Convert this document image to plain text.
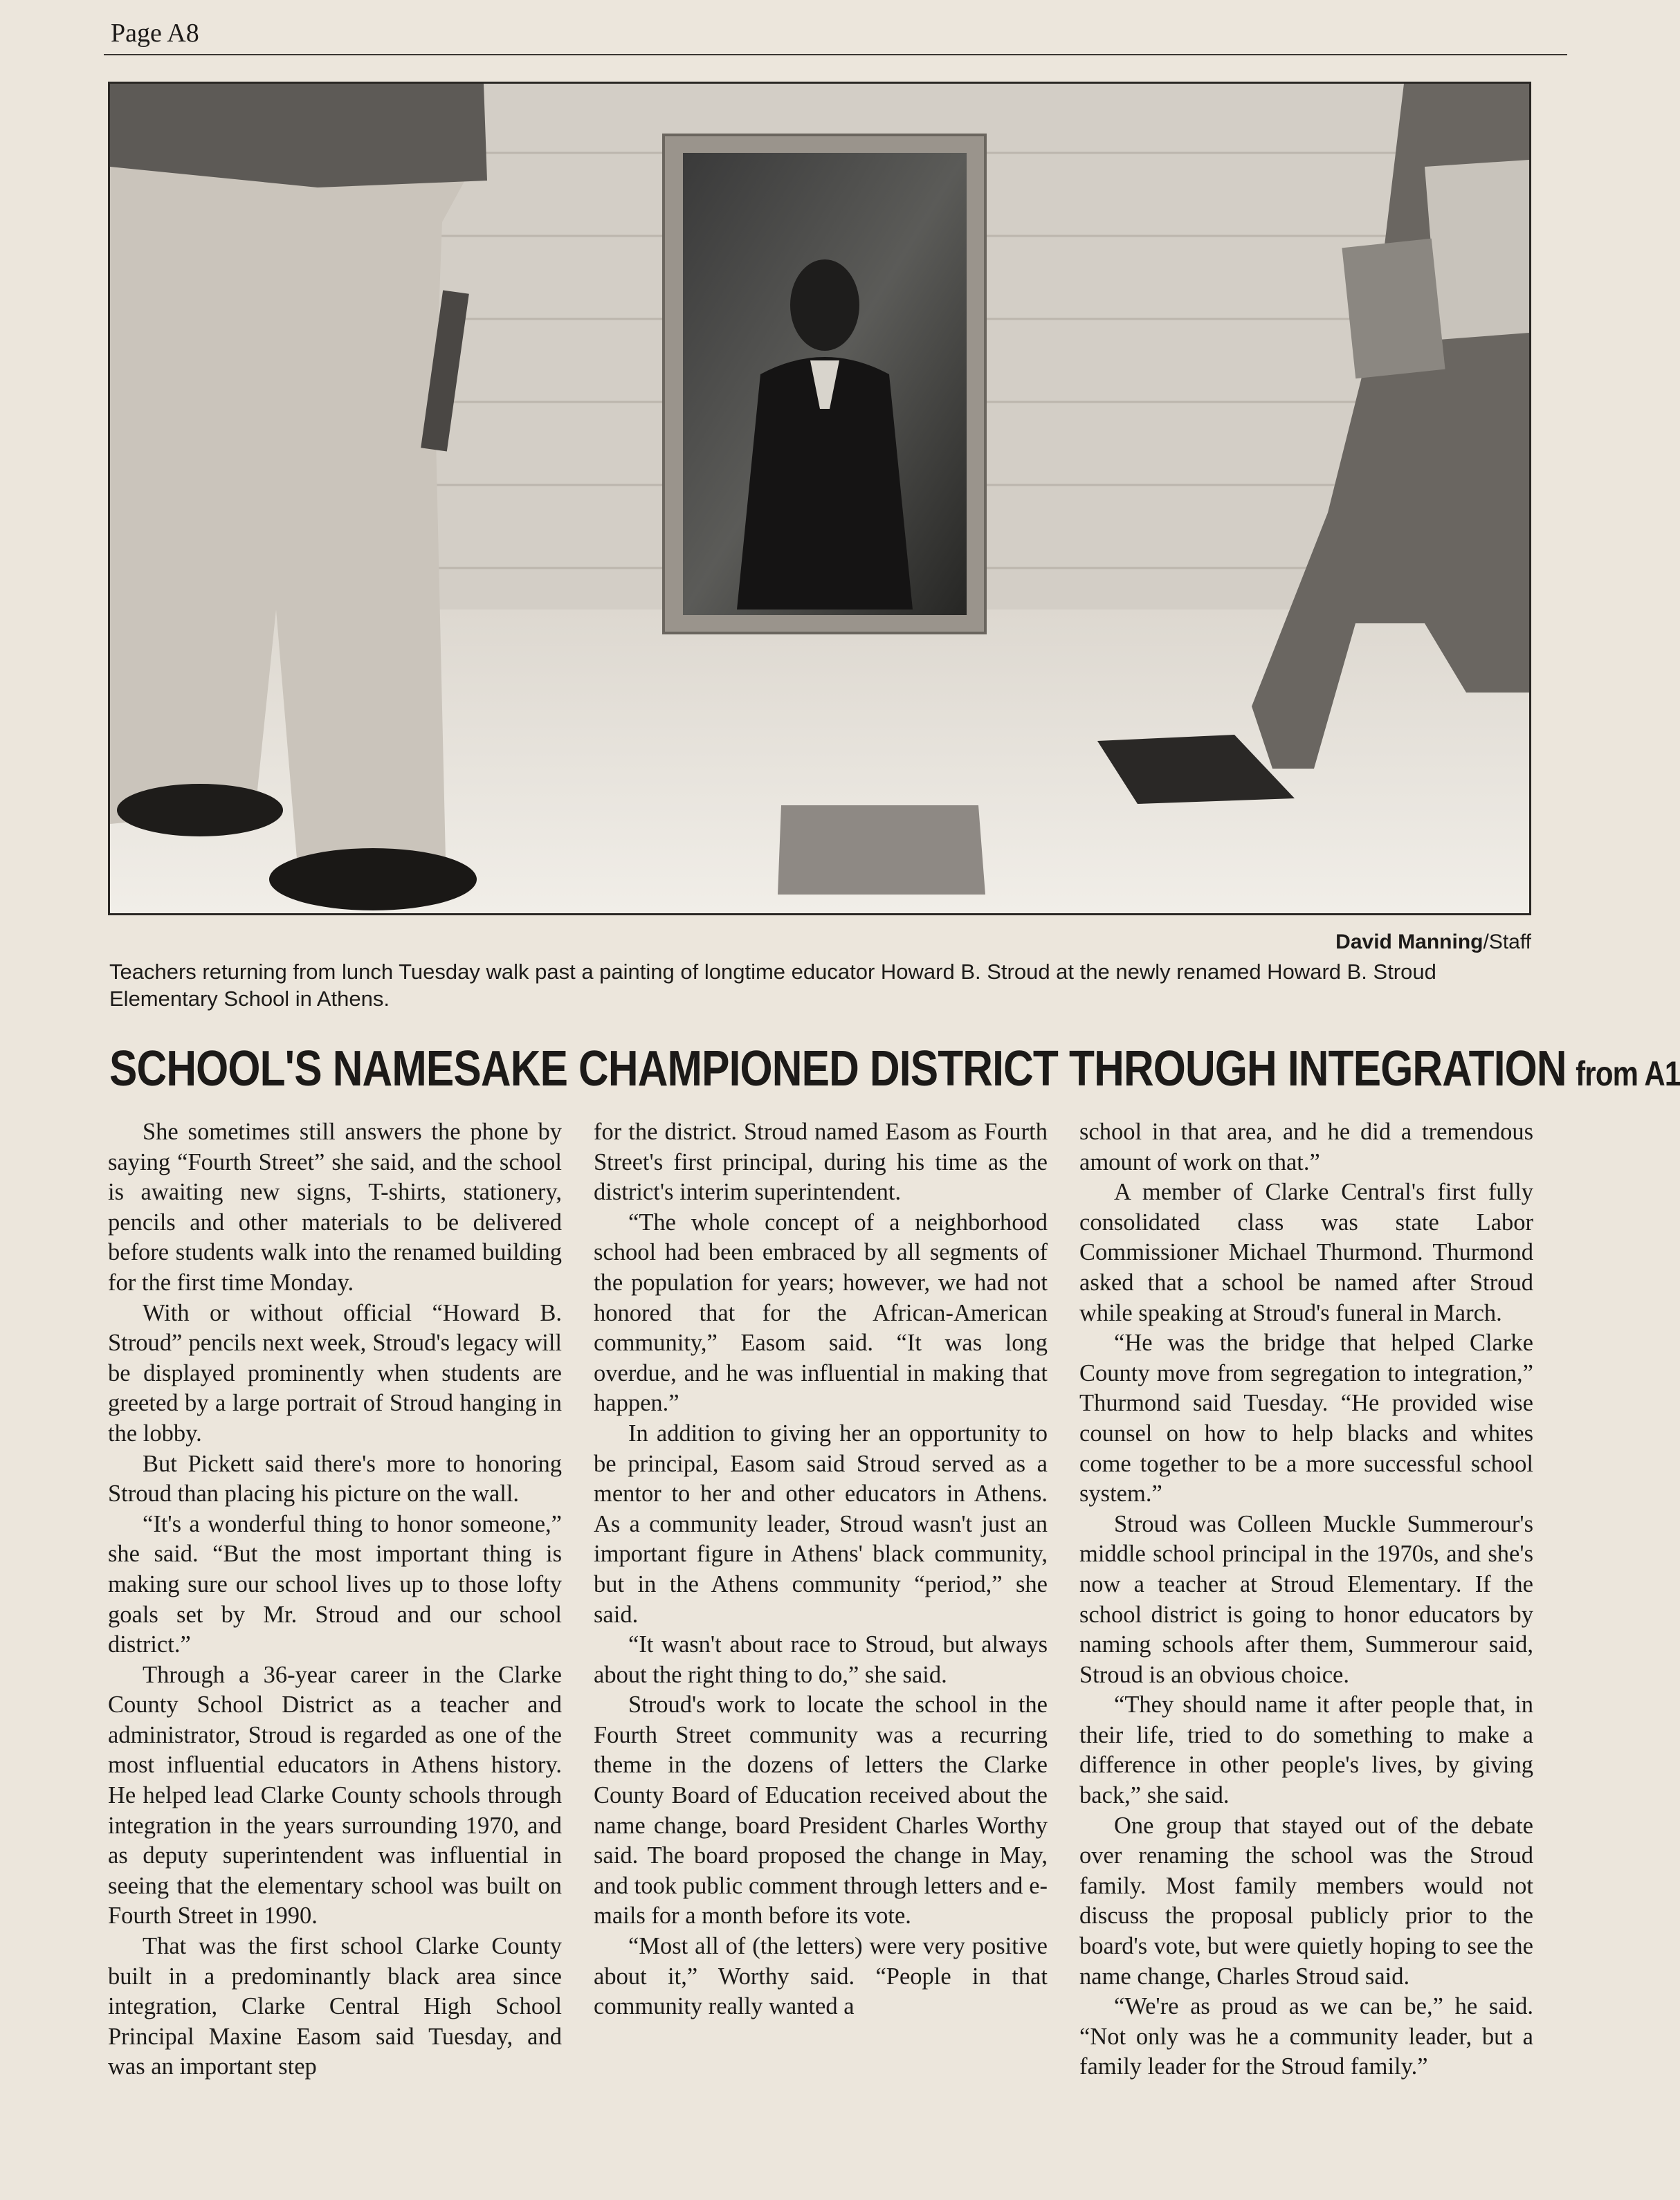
Page A8
David Manning/Staff
Teachers returning from lunch Tuesday walk past a painting of longtime educator Howard B. Stroud at the newly renamed Howard B. Stroud Elementary School in Athens.
SCHOOL'S NAMESAKE CHAMPIONED DISTRICT THROUGH INTEGRATION from A1

She sometimes still answers the phone by saying “Fourth Street” she said, and the school is awaiting new signs, T-shirts, stationery, pencils and other materials to be delivered before students walk into the renamed building for the first time Monday.

With or without official “Howard B. Stroud” pencils next week, Stroud's legacy will be displayed prominently when students are greeted by a large portrait of Stroud hanging in the lobby.

But Pickett said there's more to honoring Stroud than placing his picture on the wall.

“It's a wonderful thing to honor someone,” she said. “But the most important thing is making sure our school lives up to those lofty goals set by Mr. Stroud and our school district.”

Through a 36-year career in the Clarke County School District as a teacher and administrator, Stroud is regarded as one of the most influential educators in Athens history. He helped lead Clarke County schools through integration in the years surrounding 1970, and as deputy superintendent was influential in seeing that the elementary school was built on Fourth Street in 1990.

That was the first school Clarke County built in a predominantly black area since integration, Clarke Central High School Principal Maxine Easom said Tuesday, and was an important step

for the district. Stroud named Easom as Fourth Street's first principal, during his time as the district's interim superintendent.

“The whole concept of a neighborhood school had been embraced by all segments of the population for years; however, we had not honored that for the African-American community,” Easom said. “It was long overdue, and he was influential in making that happen.”

In addition to giving her an opportunity to be principal, Easom said Stroud served as a mentor to her and other educators in Athens. As a community leader, Stroud wasn't just an important figure in Athens' black community, but in the Athens community “period,” she said.

“It wasn't about race to Stroud, but always about the right thing to do,” she said.

Stroud's work to locate the school in the Fourth Street community was a recurring theme in the dozens of letters the Clarke County Board of Education received about the name change, board President Charles Worthy said. The board proposed the change in May, and took public comment through letters and e-mails for a month before its vote.

“Most all of (the letters) were very positive about it,” Worthy said. “People in that community really wanted a

school in that area, and he did a tremendous amount of work on that.”

A member of Clarke Central's first fully consolidated class was state Labor Commissioner Michael Thurmond. Thurmond asked that a school be named after Stroud while speaking at Stroud's funeral in March.

“He was the bridge that helped Clarke County move from segregation to integration,” Thurmond said Tuesday. “He provided wise counsel on how to help blacks and whites come together to be a more successful school system.”

Stroud was Colleen Muckle Summerour's middle school principal in the 1970s, and she's now a teacher at Stroud Elementary. If the school district is going to honor educators by naming schools after them, Summerour said, Stroud is an obvious choice.

“They should name it after people that, in their life, tried to do something to make a difference in other people's lives, by giving back,” she said.

One group that stayed out of the debate over renaming the school was the Stroud family. Most family members would not discuss the proposal publicly prior to the board's vote, but were quietly hoping to see the name change, Charles Stroud said.

“We're as proud as we can be,” he said. “Not only was he a community leader, but a family leader for the Stroud family.”
